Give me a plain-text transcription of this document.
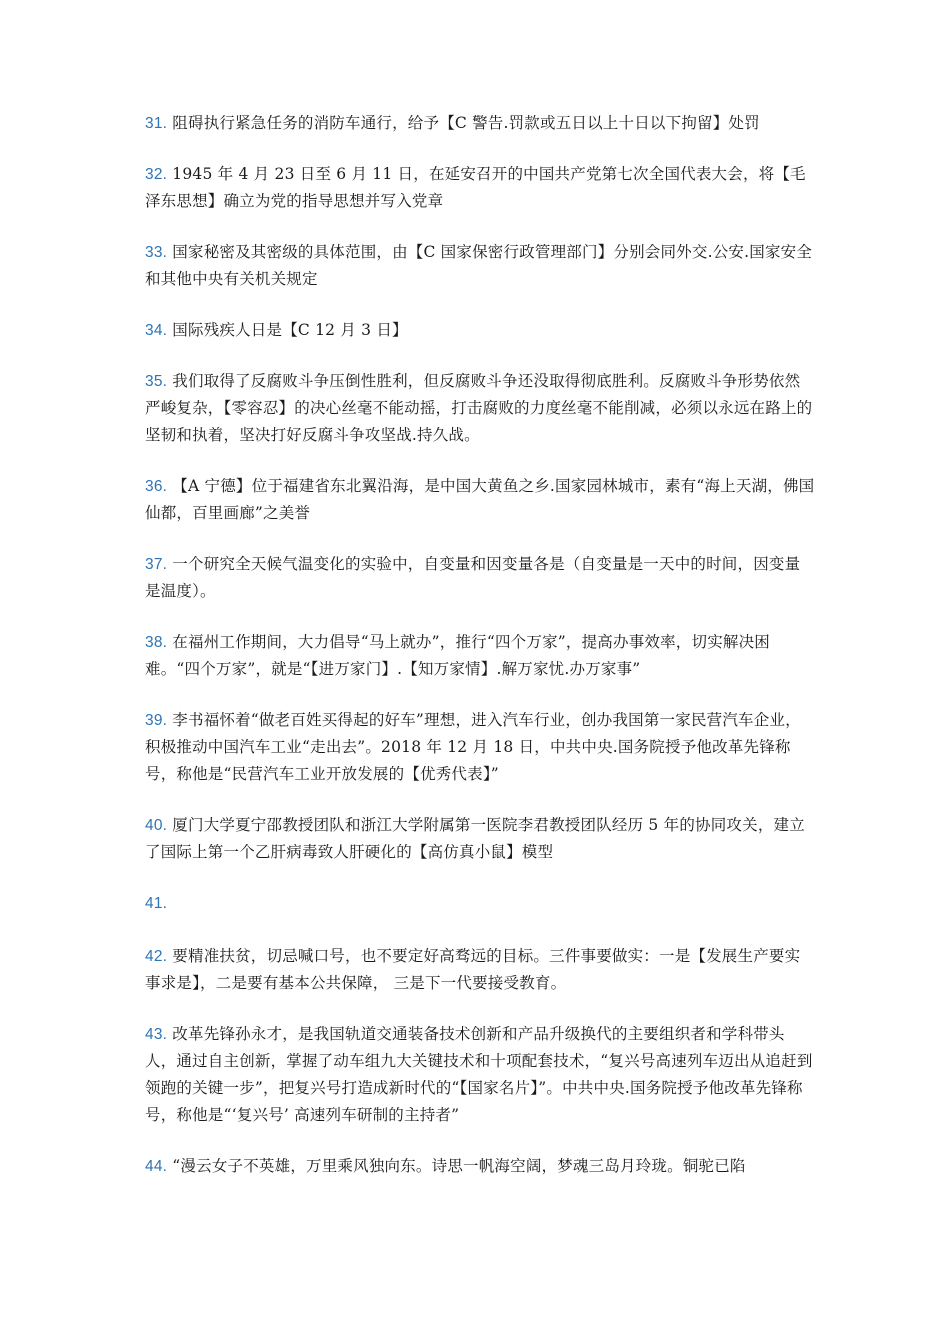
31. 阻碍执行紧急任务的消防车通行，给予【C 警告.罚款或五日以上十日以下拘留】处罚

32. 1945 年 4 月 23 日至 6 月 11 日，在延安召开的中国共产党第七次全国代表大会，将【毛泽东思想】确立为党的指导思想并写入党章

33. 国家秘密及其密级的具体范围，由【C 国家保密行政管理部门】分别会同外交.公安.国家安全和其他中央有关机关规定

34. 国际残疾人日是【C 12 月 3 日】

35. 我们取得了反腐败斗争压倒性胜利，但反腐败斗争还没取得彻底胜利。反腐败斗争形势依然严峻复杂，【零容忍】的决心丝毫不能动摇，打击腐败的力度丝毫不能削减，必须以永远在路上的坚韧和执着，坚决打好反腐斗争攻坚战.持久战。

36. 【A 宁德】位于福建省东北翼沿海，是中国大黄鱼之乡.国家园林城市，素有“海上天湖，佛国仙都，百里画廊”之美誉

37. 一个研究全天候气温变化的实验中，自变量和因变量各是（自变量是一天中的时间，因变量是温度）。

38. 在福州工作期间，大力倡导“马上就办”，推行“四个万家”，提高办事效率，切实解决困难。“四个万家”，就是“【进万家门】.【知万家情】.解万家忧.办万家事”

39. 李书福怀着“做老百姓买得起的好车”理想，进入汽车行业，创办我国第一家民营汽车企业，积极推动中国汽车工业“走出去”。2018 年 12 月 18 日，中共中央.国务院授予他改革先锋称号，称他是“民营汽车工业开放发展的【优秀代表】”

40. 厦门大学夏宁邵教授团队和浙江大学附属第一医院李君教授团队经历 5 年的协同攻关，建立了国际上第一个乙肝病毒致人肝硬化的【高仿真小鼠】模型

41.

42. 要精准扶贫，切忌喊口号，也不要定好高骛远的目标。三件事要做实：一是【发展生产要实事求是】，二是要有基本公共保障， 三是下一代要接受教育。

43. 改革先锋孙永才，是我国轨道交通装备技术创新和产品升级换代的主要组织者和学科带头人，通过自主创新，掌握了动车组九大关键技术和十项配套技术，“复兴号高速列车迈出从追赶到领跑的关键一步”，把复兴号打造成新时代的“【国家名片】”。中共中央.国务院授予他改革先锋称号，称他是“‘复兴号’ 高速列车研制的主持者”

44. “漫云女子不英雄，万里乘风独向东。诗思一帆海空阔，梦魂三岛月玲珑。铜驼已陷
